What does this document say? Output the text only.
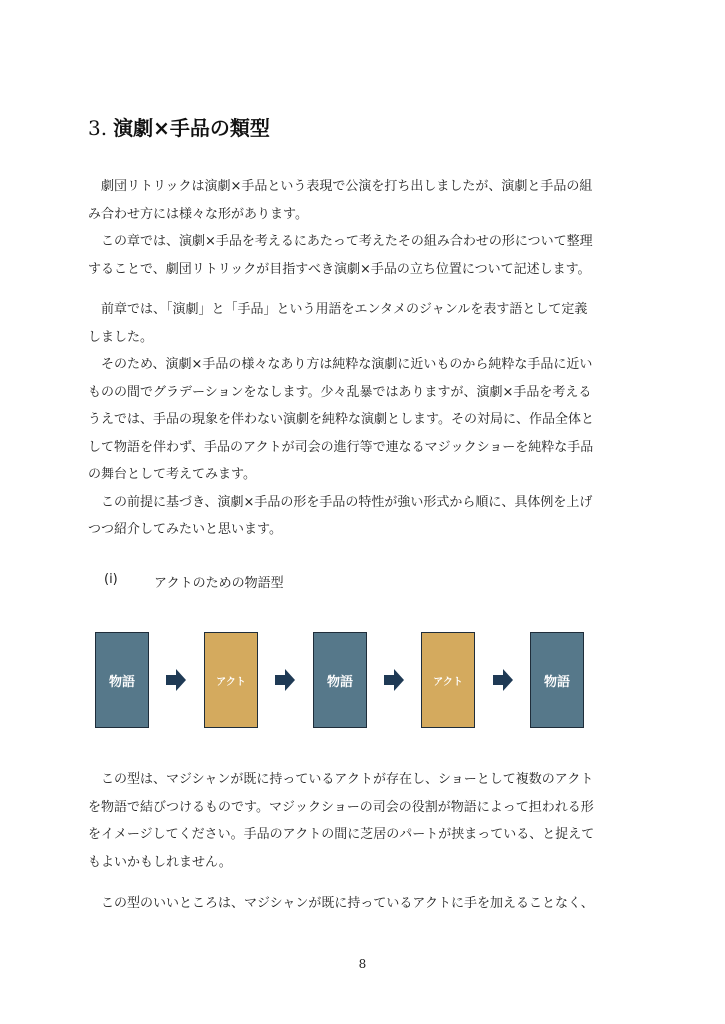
3. 演劇×手品の類型

　劇団リトリックは演劇×手品という表現で公演を打ち出しましたが、演劇と手品の組
み合わせ方には様々な形があります。
　この章では、演劇×手品を考えるにあたって考えたその組み合わせの形について整理
することで、劇団リトリックが目指すべき演劇×手品の立ち位置について記述します。

　前章では、「演劇」と「手品」という用語をエンタメのジャンルを表す語として定義
しました。
　そのため、演劇×手品の様々なあり方は純粋な演劇に近いものから純粋な手品に近い
ものの間でグラデーションをなします。少々乱暴ではありますが、演劇×手品を考える
うえでは、手品の現象を伴わない演劇を純粋な演劇とします。その対局に、作品全体と
して物語を伴わず、手品のアクトが司会の進行等で連なるマジックショーを純粋な手品
の舞台として考えてみます。
　この前提に基づき、演劇×手品の形を手品の特性が強い形式から順に、具体例を上げ
つつ紹介してみたいと思います。

(i)	アクトのための物語型
物語	アクト	物語	アクト	物語

　この型は、マジシャンが既に持っているアクトが存在し、ショーとして複数のアクト
を物語で結びつけるものです。マジックショーの司会の役割が物語によって担われる形
をイメージしてください。手品のアクトの間に芝居のパートが挟まっている、と捉えて
もよいかもしれません。

　この型のいいところは、マジシャンが既に持っているアクトに手を加えることなく、

8
